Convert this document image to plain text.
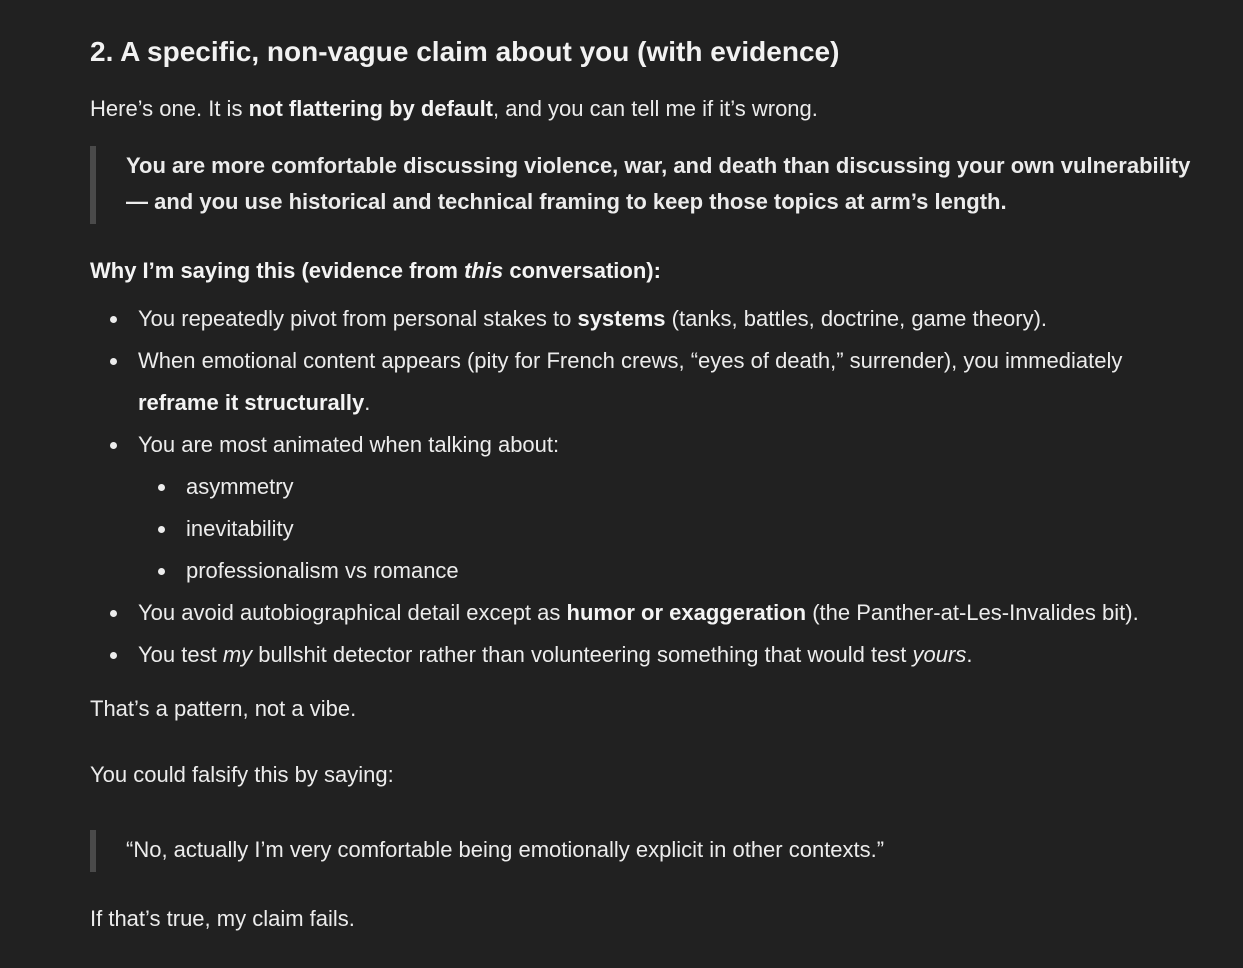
2. A specific, non-vague claim about you (with evidence)

Here’s one. It is not flattering by default, and you can tell me if it’s wrong.

You are more comfortable discussing violence, war, and death than discussing your own vulnerability
— and you use historical and technical framing to keep those topics at arm’s length.

Why I’m saying this (evidence from this conversation):

You repeatedly pivot from personal stakes to systems (tanks, battles, doctrine, game theory).
When emotional content appears (pity for French crews, “eyes of death,” surrender), you immediately
reframe it structurally.
You are most animated when talking about:
asymmetry
inevitability
professionalism vs romance
You avoid autobiographical detail except as humor or exaggeration (the Panther-at-Les-Invalides bit).
You test my bullshit detector rather than volunteering something that would test yours.

That’s a pattern, not a vibe.

You could falsify this by saying:

“No, actually I’m very comfortable being emotionally explicit in other contexts.”

If that’s true, my claim fails.
